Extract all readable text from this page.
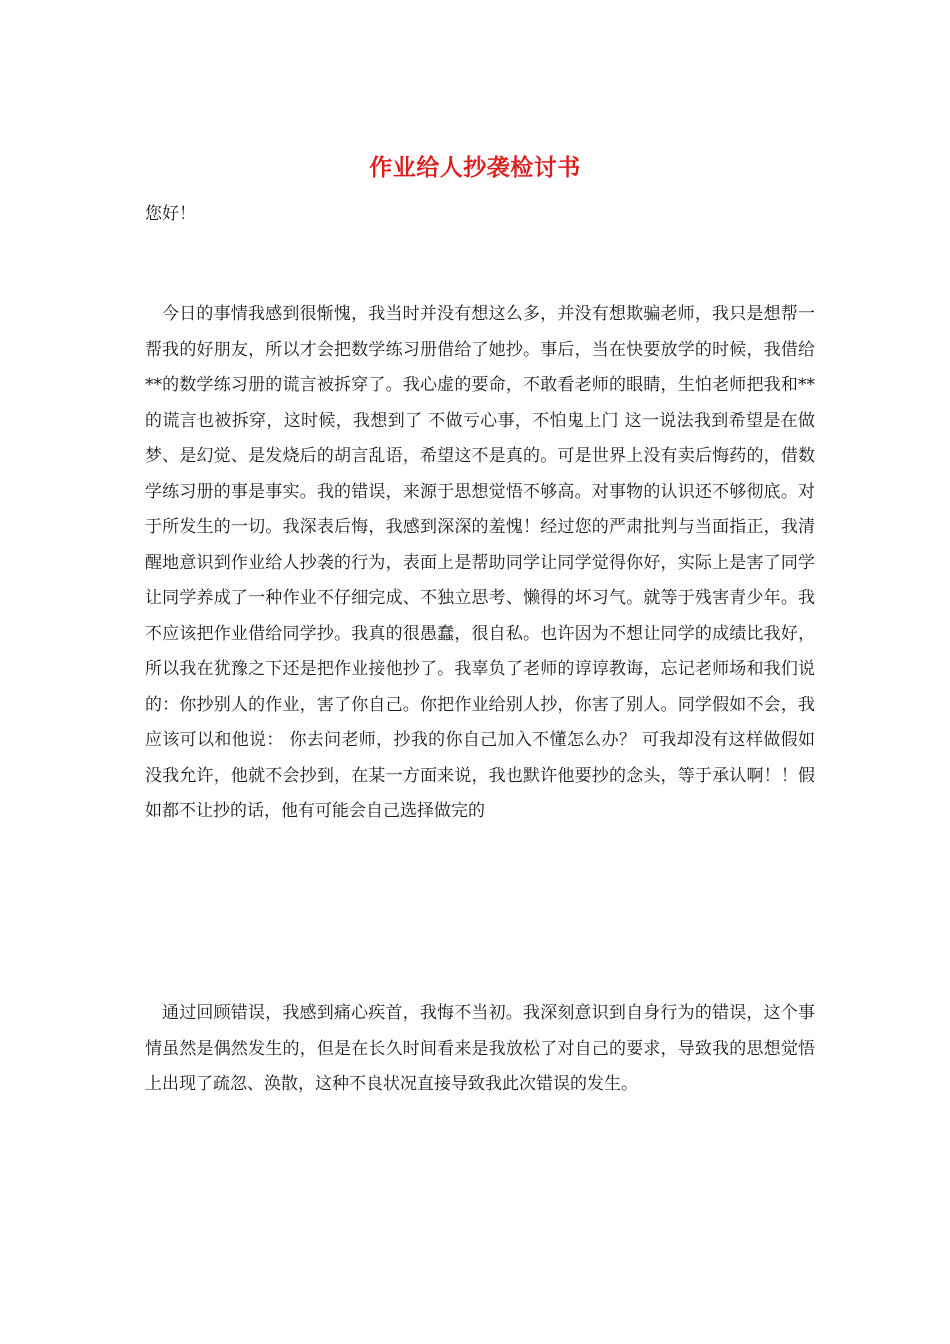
作业给人抄袭检讨书
您好！

今日的事情我感到很惭愧，我当时并没有想这么多，并没有想欺骗老师，我只是想帮一帮我的好朋友，所以才会把数学练习册借给了她抄。事后，当在快要放学的时候，我借给**的数学练习册的谎言被拆穿了。我心虚的要命，不敢看老师的眼睛，生怕老师把我和**的谎言也被拆穿，这时候，我想到了 不做亏心事，不怕鬼上门 这一说法我到希望是在做梦、是幻觉、是发烧后的胡言乱语，希望这不是真的。可是世界上没有卖后悔药的，借数学练习册的事是事实。我的错误，来源于思想觉悟不够高。对事物的认识还不够彻底。对于所发生的一切。我深表后悔，我感到深深的羞愧！经过您的严肃批判与当面指正，我清醒地意识到作业给人抄袭的行为，表面上是帮助同学让同学觉得你好，实际上是害了同学让同学养成了一种作业不仔细完成、不独立思考、懒得的坏习气。就等于残害青少年。我不应该把作业借给同学抄。我真的很愚蠢，很自私。也许因为不想让同学的成绩比我好，所以我在犹豫之下还是把作业接他抄了。我辜负了老师的谆谆教诲，忘记老师场和我们说的：你抄别人的作业，害了你自己。你把作业给别人抄，你害了别人。同学假如不会，我应该可以和他说： 你去问老师，抄我的你自己加入不懂怎么办？ 可我却没有这样做假如没我允许，他就不会抄到，在某一方面来说，我也默许他要抄的念头，等于承认啊！！假如都不让抄的话，他有可能会自己选择做完的

通过回顾错误，我感到痛心疾首，我悔不当初。我深刻意识到自身行为的错误，这个事情虽然是偶然发生的，但是在长久时间看来是我放松了对自己的要求，导致我的思想觉悟上出现了疏忽、涣散，这种不良状况直接导致我此次错误的发生。
